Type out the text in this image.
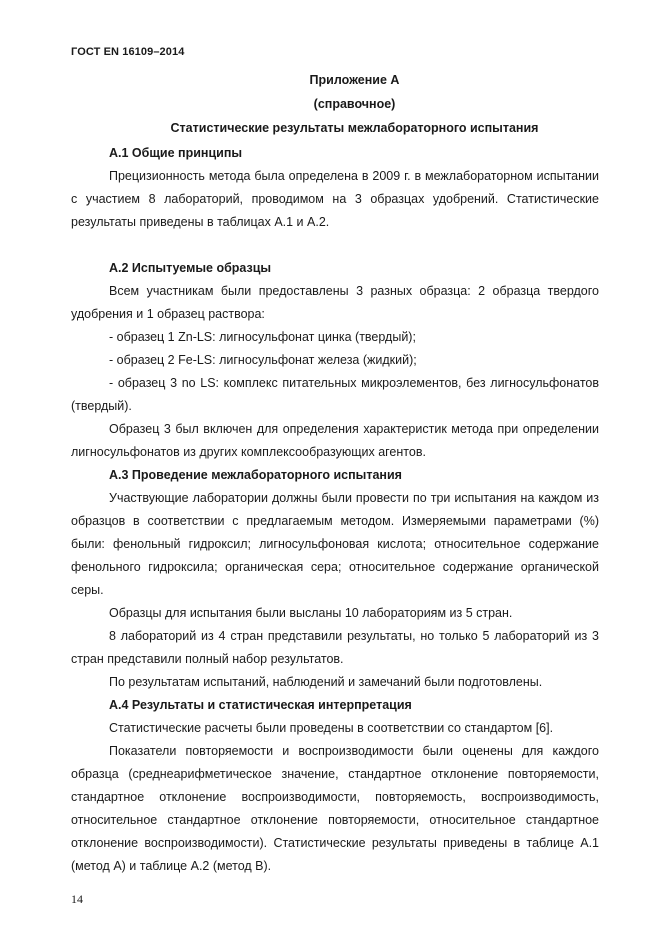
ГОСТ EN 16109–2014
Приложение А
(справочное)
Статистические результаты межлабораторного испытания
А.1 Общие принципы

Прецизионность метода была определена в 2009 г. в межлабораторном испытании с участием 8 лабораторий, проводимом на 3 образцах удобрений. Статистические результаты приведены в таблицах А.1 и А.2.

А.2 Испытуемые образцы

Всем участникам были предоставлены 3 разных образца: 2 образца твердого удобрения и 1 образец раствора:

- образец 1 Zn-LS: лигносульфонат цинка (твердый);
- образец 2 Fe-LS: лигносульфонат железа (жидкий);

- образец 3 no LS: комплекс питательных микроэлементов, без лигносульфонатов (твердый).

Образец 3 был включен для определения характеристик метода при определении лигносульфонатов из других комплексообразующих агентов.

А.3 Проведение межлабораторного испытания

Участвующие лаборатории должны были провести по три испытания на каждом из образцов в соответствии с предлагаемым методом. Измеряемыми параметрами (%) были: фенольный гидроксил; лигносульфоновая кислота; относительное содержание фенольного гидроксила; органическая сера; относительное содержание органической серы.

Образцы для испытания были высланы 10 лабораториям из 5 стран.

8 лабораторий из 4 стран представили результаты, но только 5 лабораторий из 3 стран представили полный набор результатов.

По результатам испытаний, наблюдений и замечаний были подготовлены.

А.4 Результаты и статистическая интерпретация

Статистические расчеты были проведены в соответствии со стандартом [6].

Показатели повторяемости и воспроизводимости были оценены для каждого образца (среднеарифметическое значение, стандартное отклонение повторяемости, стандартное отклонение воспроизводимости, повторяемость, воспроизводимость, относительное стандартное отклонение повторяемости, относительное стандартное отклонение воспроизводимости). Статистические результаты приведены в таблице А.1 (метод А) и таблице А.2 (метод В).

14
